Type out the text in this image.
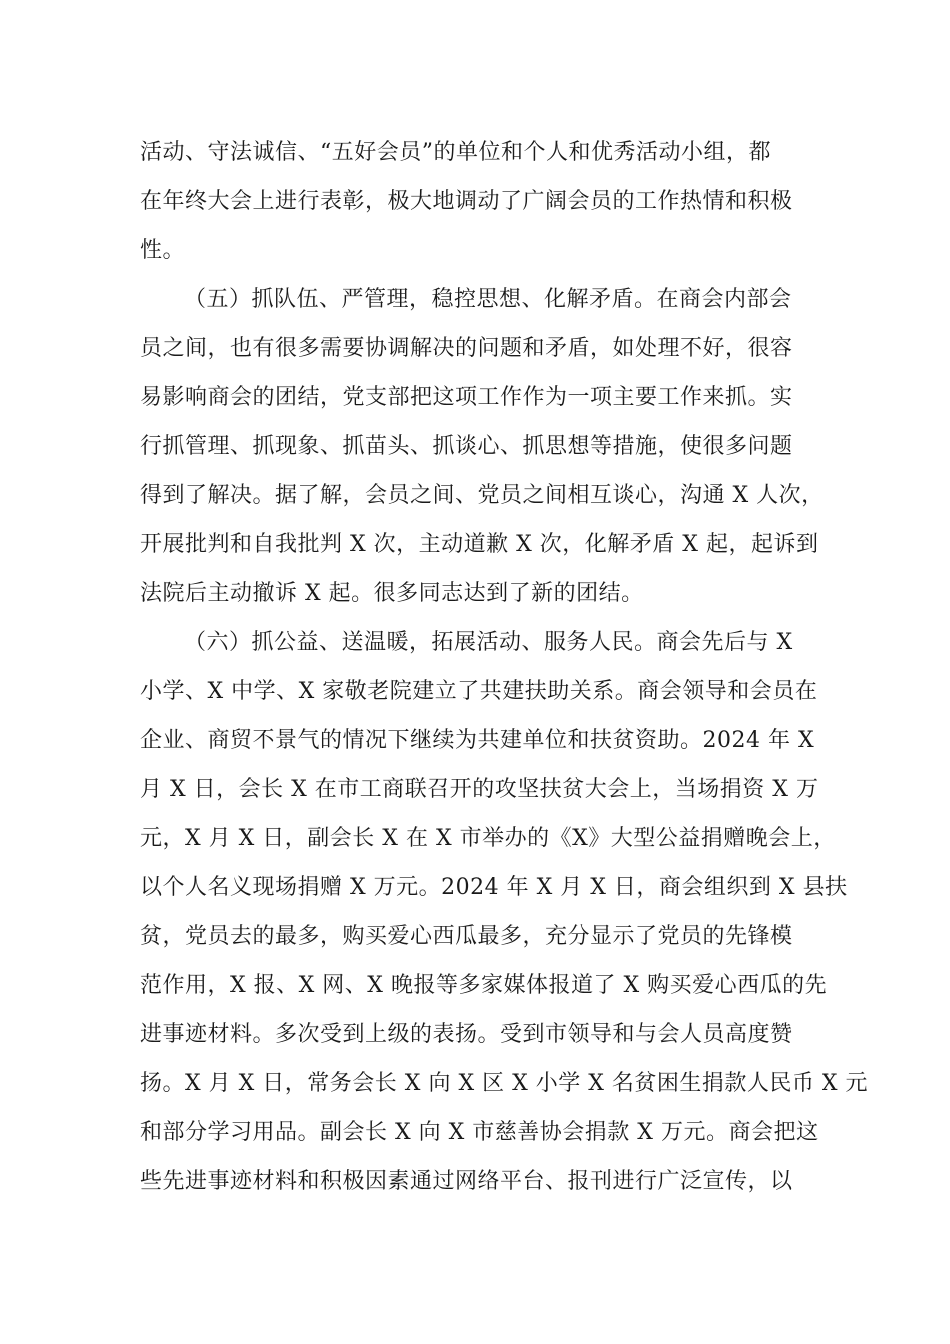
活动、守法诚信、“五好会员”的单位和个人和优秀活动小组，都
在年终大会上进行表彰，极大地调动了广阔会员的工作热情和积极
性。

（五）抓队伍、严管理，稳控思想、化解矛盾。在商会内部会
员之间，也有很多需要协调解决的问题和矛盾，如处理不好，很容
易影响商会的团结，党支部把这项工作作为一项主要工作来抓。实
行抓管理、抓现象、抓苗头、抓谈心、抓思想等措施，使很多问题
得到了解决。据了解，会员之间、党员之间相互谈心，沟通 X 人次，
开展批判和自我批判 X 次，主动道歉 X 次，化解矛盾 X 起，起诉到
法院后主动撤诉 X 起。很多同志达到了新的团结。

（六）抓公益、送温暖，拓展活动、服务人民。商会先后与 X
小学、X 中学、X 家敬老院建立了共建扶助关系。商会领导和会员在
企业、商贸不景气的情况下继续为共建单位和扶贫资助。2024 年 X
月 X 日，会长 X 在市工商联召开的攻坚扶贫大会上，当场捐资 X 万
元，X 月 X 日，副会长 X 在 X 市举办的《X》大型公益捐赠晚会上，
以个人名义现场捐赠 X 万元。2024 年 X 月 X 日，商会组织到 X 县扶
贫，党员去的最多，购买爱心西瓜最多，充分显示了党员的先锋模
范作用，X 报、X 网、X 晚报等多家媒体报道了 X 购买爱心西瓜的先
进事迹材料。多次受到上级的表扬。受到市领导和与会人员高度赞
扬。X 月 X 日，常务会长 X 向 X 区 X 小学 X 名贫困生捐款人民币 X 元
和部分学习用品。副会长 X 向 X 市慈善协会捐款 X 万元。商会把这
些先进事迹材料和积极因素通过网络平台、报刊进行广泛宣传，以
